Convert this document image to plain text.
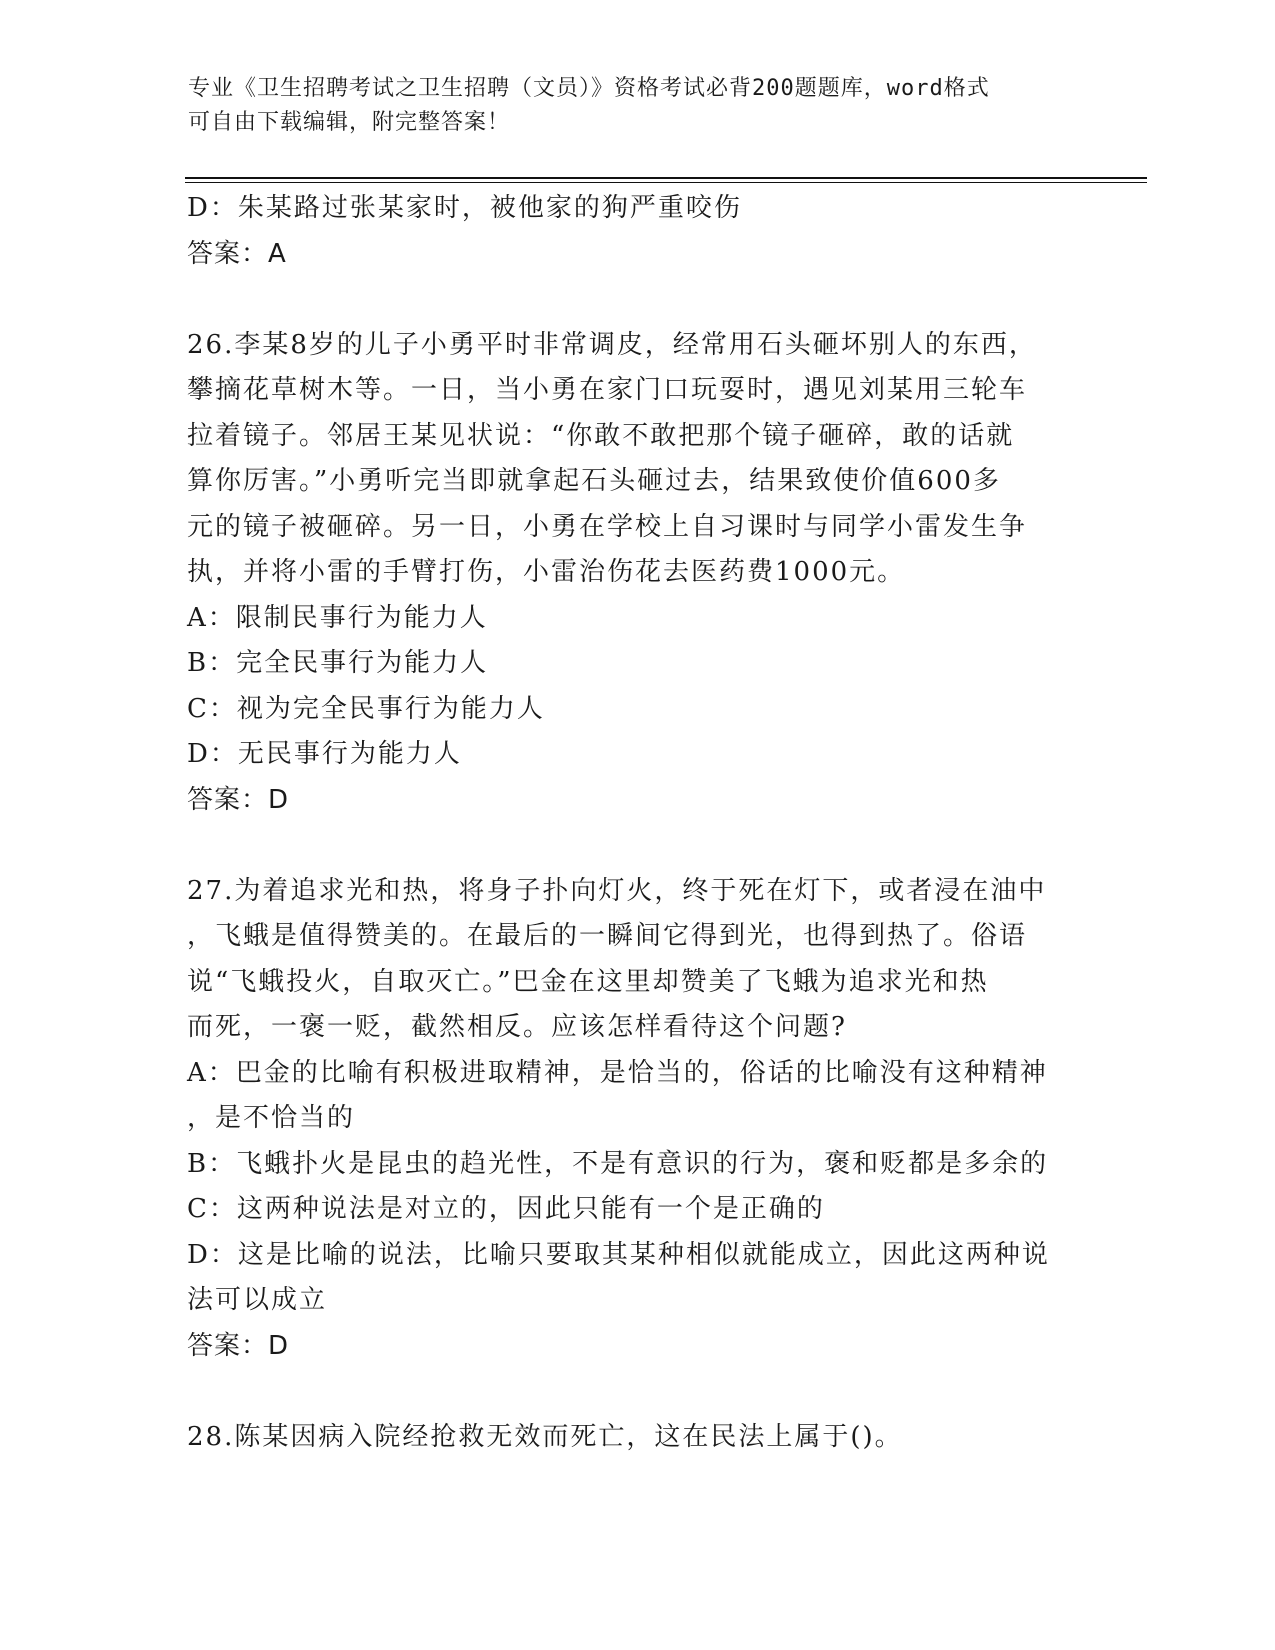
专业《卫生招聘考试之卫生招聘（文员）》资格考试必背200题题库，word格式
可自由下载编辑，附完整答案！
D：朱某路过张某家时，被他家的狗严重咬伤
答案：A
26.李某8岁的儿子小勇平时非常调皮，经常用石头砸坏别人的东西，
攀摘花草树木等。一日，当小勇在家门口玩耍时，遇见刘某用三轮车
拉着镜子。邻居王某见状说：“你敢不敢把那个镜子砸碎，敢的话就
算你厉害。”小勇听完当即就拿起石头砸过去，结果致使价值600多
元的镜子被砸碎。另一日，小勇在学校上自习课时与同学小雷发生争
执，并将小雷的手臂打伤，小雷治伤花去医药费1000元。
A：限制民事行为能力人
B：完全民事行为能力人
C：视为完全民事行为能力人
D：无民事行为能力人
答案：D
27.为着追求光和热，将身子扑向灯火，终于死在灯下，或者浸在油中
，飞蛾是值得赞美的。在最后的一瞬间它得到光，也得到热了。俗语
说“飞蛾投火，自取灭亡。”巴金在这里却赞美了飞蛾为追求光和热
而死，一褒一贬，截然相反。应该怎样看待这个问题?
A：巴金的比喻有积极进取精神，是恰当的，俗话的比喻没有这种精神
，是不恰当的
B：飞蛾扑火是昆虫的趋光性，不是有意识的行为，褒和贬都是多余的
C：这两种说法是对立的，因此只能有一个是正确的
D：这是比喻的说法，比喻只要取其某种相似就能成立，因此这两种说
法可以成立
答案：D
28.陈某因病入院经抢救无效而死亡，这在民法上属于()。
